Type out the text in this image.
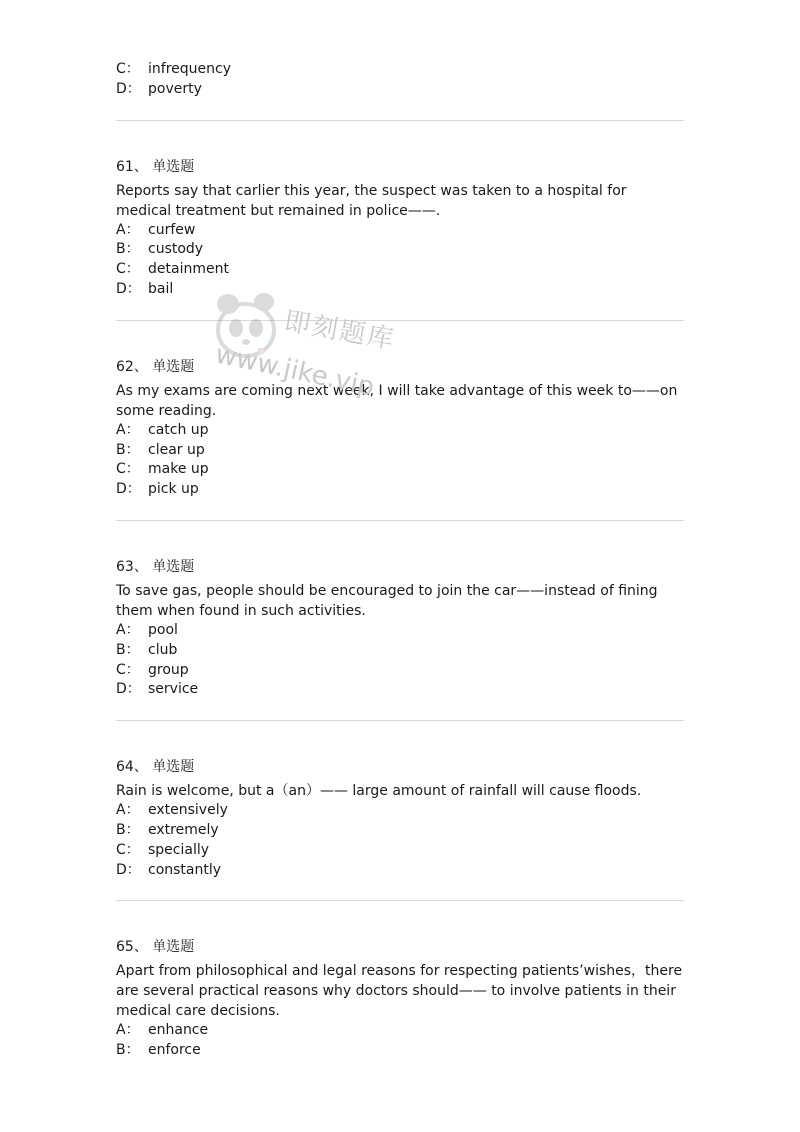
C： infrequency
D： poverty
61、 单选题
Reports say that carlier this year, the suspect was taken to a hospital for medical treatment but remained in police——.
A： curfew
B： custody
C： detainment
D： bail
62、 单选题
As my exams are coming next week, I will take advantage of this week to——on some reading.
A： catch up
B： clear up
C： make up
D： pick up
63、 单选题
To save gas, people should be encouraged to join the car——instead of fining them when found in such activities.
A： pool
B： club
C： group
D： service
64、 单选题
Rain is welcome, but a（an）—— large amount of rainfall will cause floods.
A： extensively
B： extremely
C： specially
D： constantly
65、 单选题
Apart from philosophical and legal reasons for respecting patients’wishes，there are several practical reasons why doctors should—— to involve patients in their medical care decisions.
A： enhance
B： enforce
即刻题库
www.jike.vip
